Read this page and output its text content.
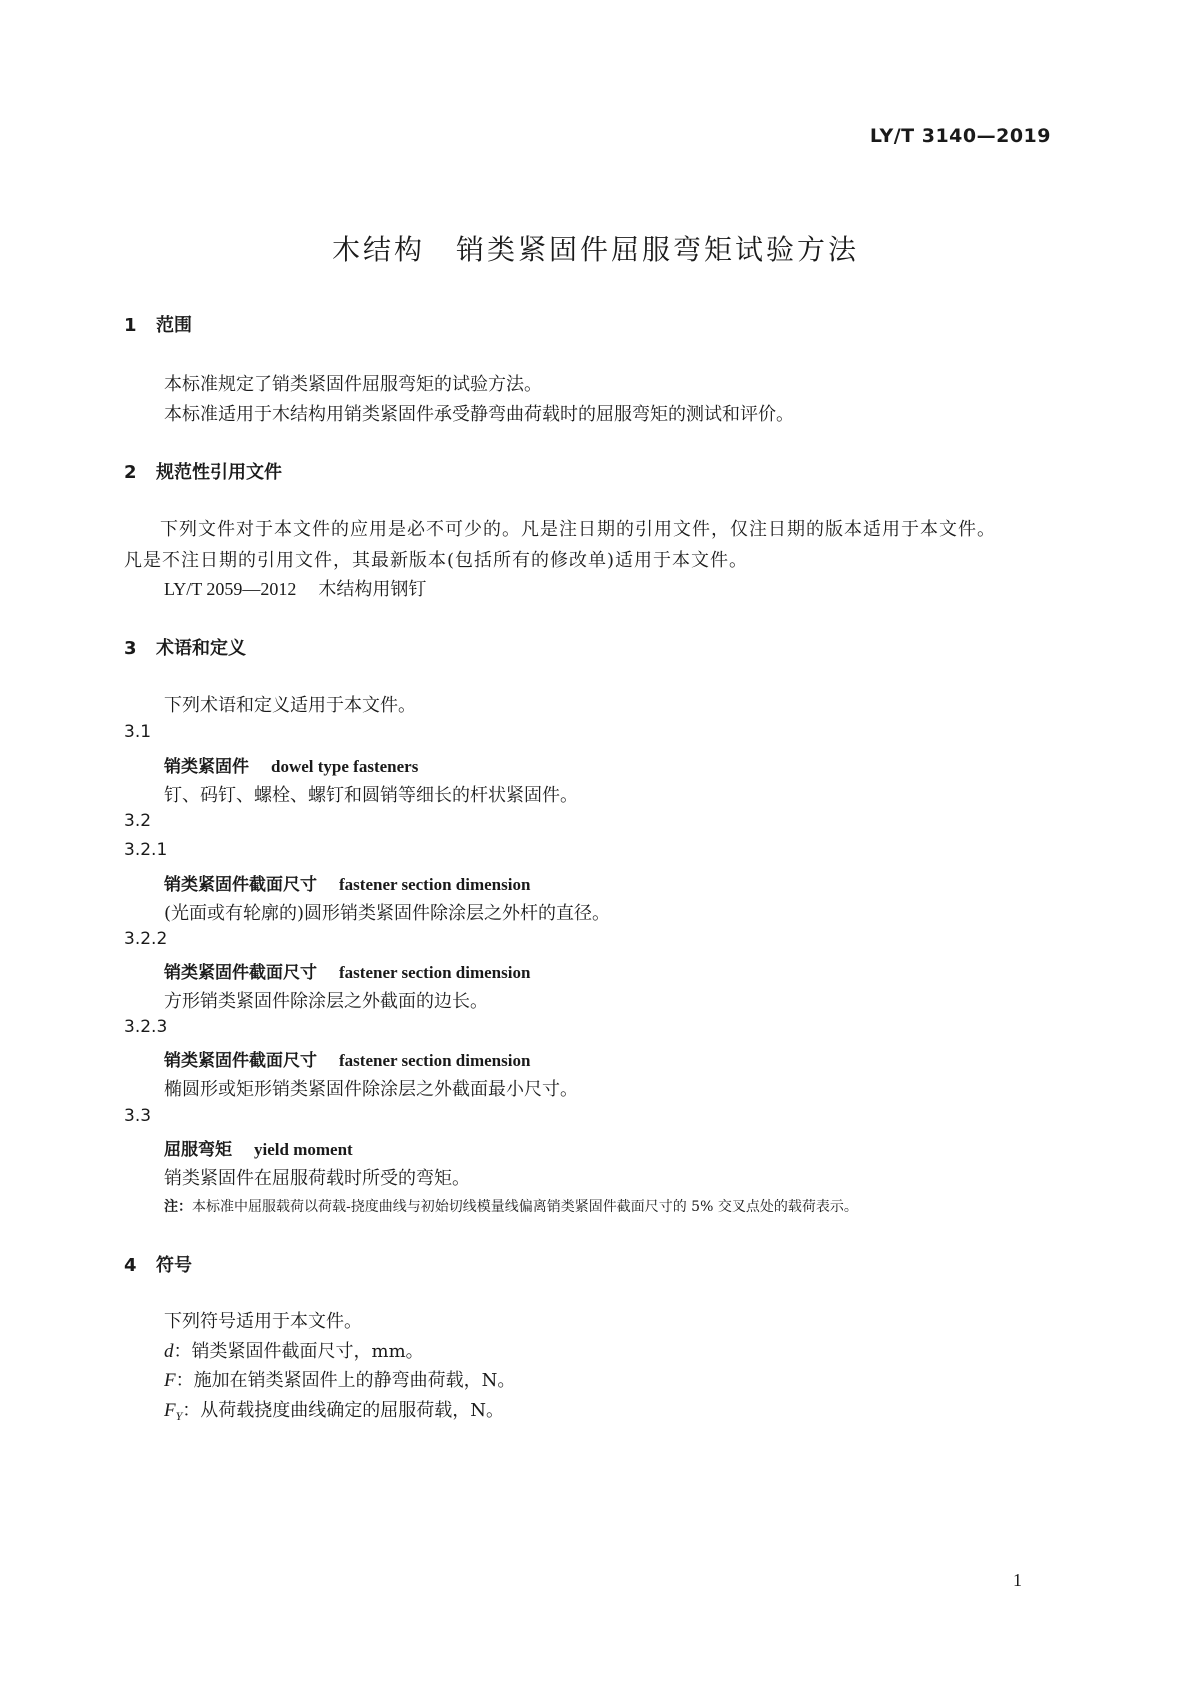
LY/T 3140—2019
木结构　销类紧固件屈服弯矩试验方法
1 范围
本标准规定了销类紧固件屈服弯矩的试验方法。
本标准适用于木结构用销类紧固件承受静弯曲荷载时的屈服弯矩的测试和评价。
2 规范性引用文件
下列文件对于本文件的应用是必不可少的。凡是注日期的引用文件，仅注日期的版本适用于本文件。凡是不注日期的引用文件，其最新版本(包括所有的修改单)适用于本文件。
LY/T 2059—2012 木结构用钢钉
3 术语和定义
下列术语和定义适用于本文件。
3.1
销类紧固件 dowel type fasteners
钉、码钉、螺栓、螺钉和圆销等细长的杆状紧固件。
3.2
3.2.1
销类紧固件截面尺寸 fastener section dimension
(光面或有轮廓的)圆形销类紧固件除涂层之外杆的直径。
3.2.2
销类紧固件截面尺寸 fastener section dimension
方形销类紧固件除涂层之外截面的边长。
3.2.3
销类紧固件截面尺寸 fastener section dimension
椭圆形或矩形销类紧固件除涂层之外截面最小尺寸。
3.3
屈服弯矩 yield moment
销类紧固件在屈服荷载时所受的弯矩。
注：本标准中屈服载荷以荷载-挠度曲线与初始切线模量线偏离销类紧固件截面尺寸的 5% 交叉点处的载荷表示。
4 符号
下列符号适用于本文件。
d：销类紧固件截面尺寸，mm。
F：施加在销类紧固件上的静弯曲荷载，N。
$F_Y$：从荷载挠度曲线确定的屈服荷载，N。
1
